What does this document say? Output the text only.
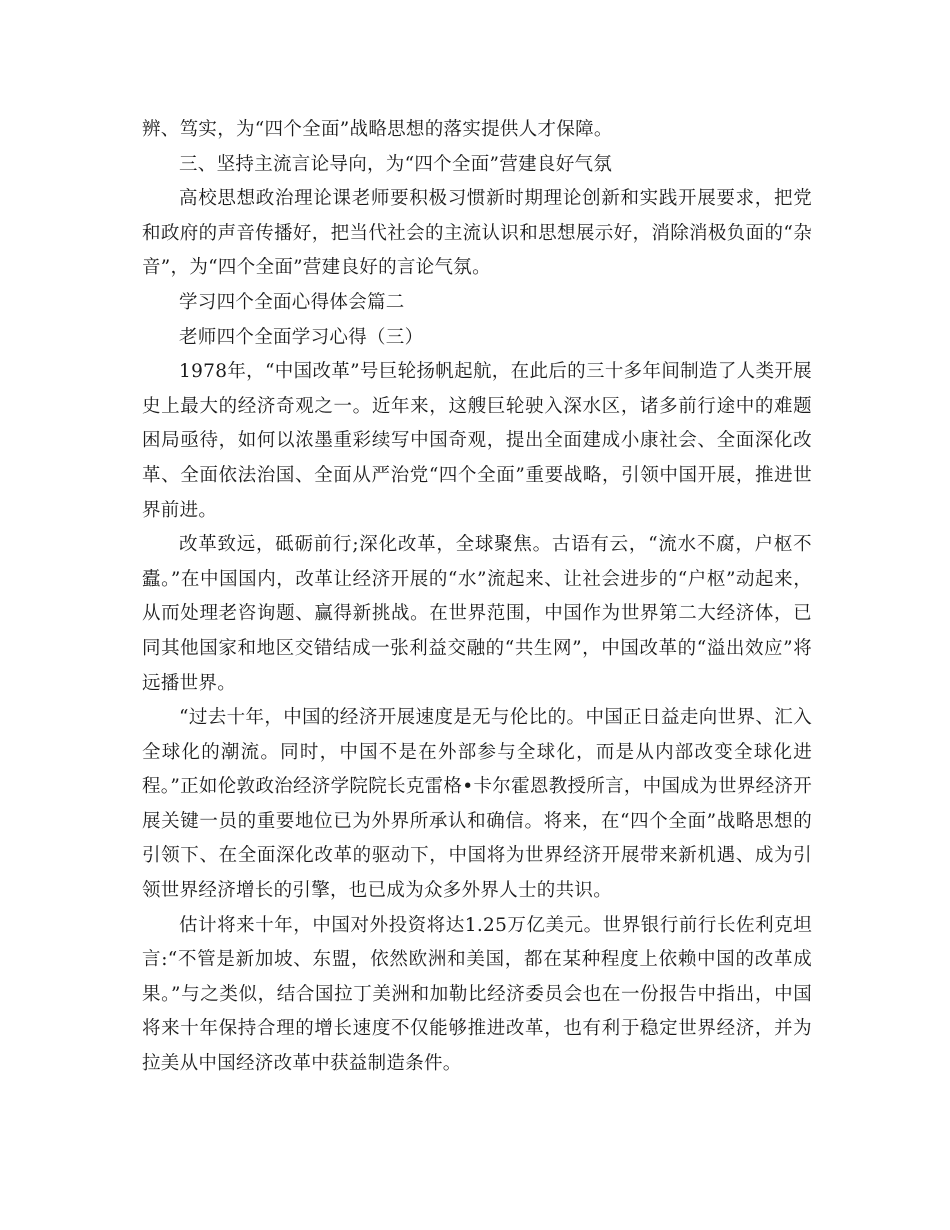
辨、笃实，为“四个全面”战略思想的落实提供人才保障。

三、坚持主流言论导向，为“四个全面”营建良好气氛

高校思想政治理论课老师要积极习惯新时期理论创新和实践开展要求，把党和政府的声音传播好，把当代社会的主流认识和思想展示好，消除消极负面的“杂音”，为“四个全面”营建良好的言论气氛。

学习四个全面心得体会篇二

老师四个全面学习心得（三）

1978年，“中国改革”号巨轮扬帆起航，在此后的三十多年间制造了人类开展史上最大的经济奇观之一。近年来，这艘巨轮驶入深水区，诸多前行途中的难题困局亟待，如何以浓墨重彩续写中国奇观，提出全面建成小康社会、全面深化改革、全面依法治国、全面从严治党“四个全面”重要战略，引领中国开展，推进世界前进。

改革致远，砥砺前行;深化改革，全球聚焦。古语有云，“流水不腐，户枢不蠹。”在中国国内，改革让经济开展的“水”流起来、让社会进步的“户枢”动起来，从而处理老咨询题、赢得新挑战。在世界范围，中国作为世界第二大经济体，已同其他国家和地区交错结成一张利益交融的“共生网”，中国改革的“溢出效应”将远播世界。

“过去十年，中国的经济开展速度是无与伦比的。中国正日益走向世界、汇入全球化的潮流。同时，中国不是在外部参与全球化，而是从内部改变全球化进程。”正如伦敦政治经济学院院长克雷格•卡尔霍恩教授所言，中国成为世界经济开展关键一员的重要地位已为外界所承认和确信。将来，在“四个全面”战略思想的引领下、在全面深化改革的驱动下，中国将为世界经济开展带来新机遇、成为引领世界经济增长的引擎，也已成为众多外界人士的共识。

估计将来十年，中国对外投资将达1.25万亿美元。世界银行前行长佐利克坦言:“不管是新加坡、东盟，依然欧洲和美国，都在某种程度上依赖中国的改革成果。”与之类似，结合国拉丁美洲和加勒比经济委员会也在一份报告中指出，中国将来十年保持合理的增长速度不仅能够推进改革，也有利于稳定世界经济，并为拉美从中国经济改革中获益制造条件。
